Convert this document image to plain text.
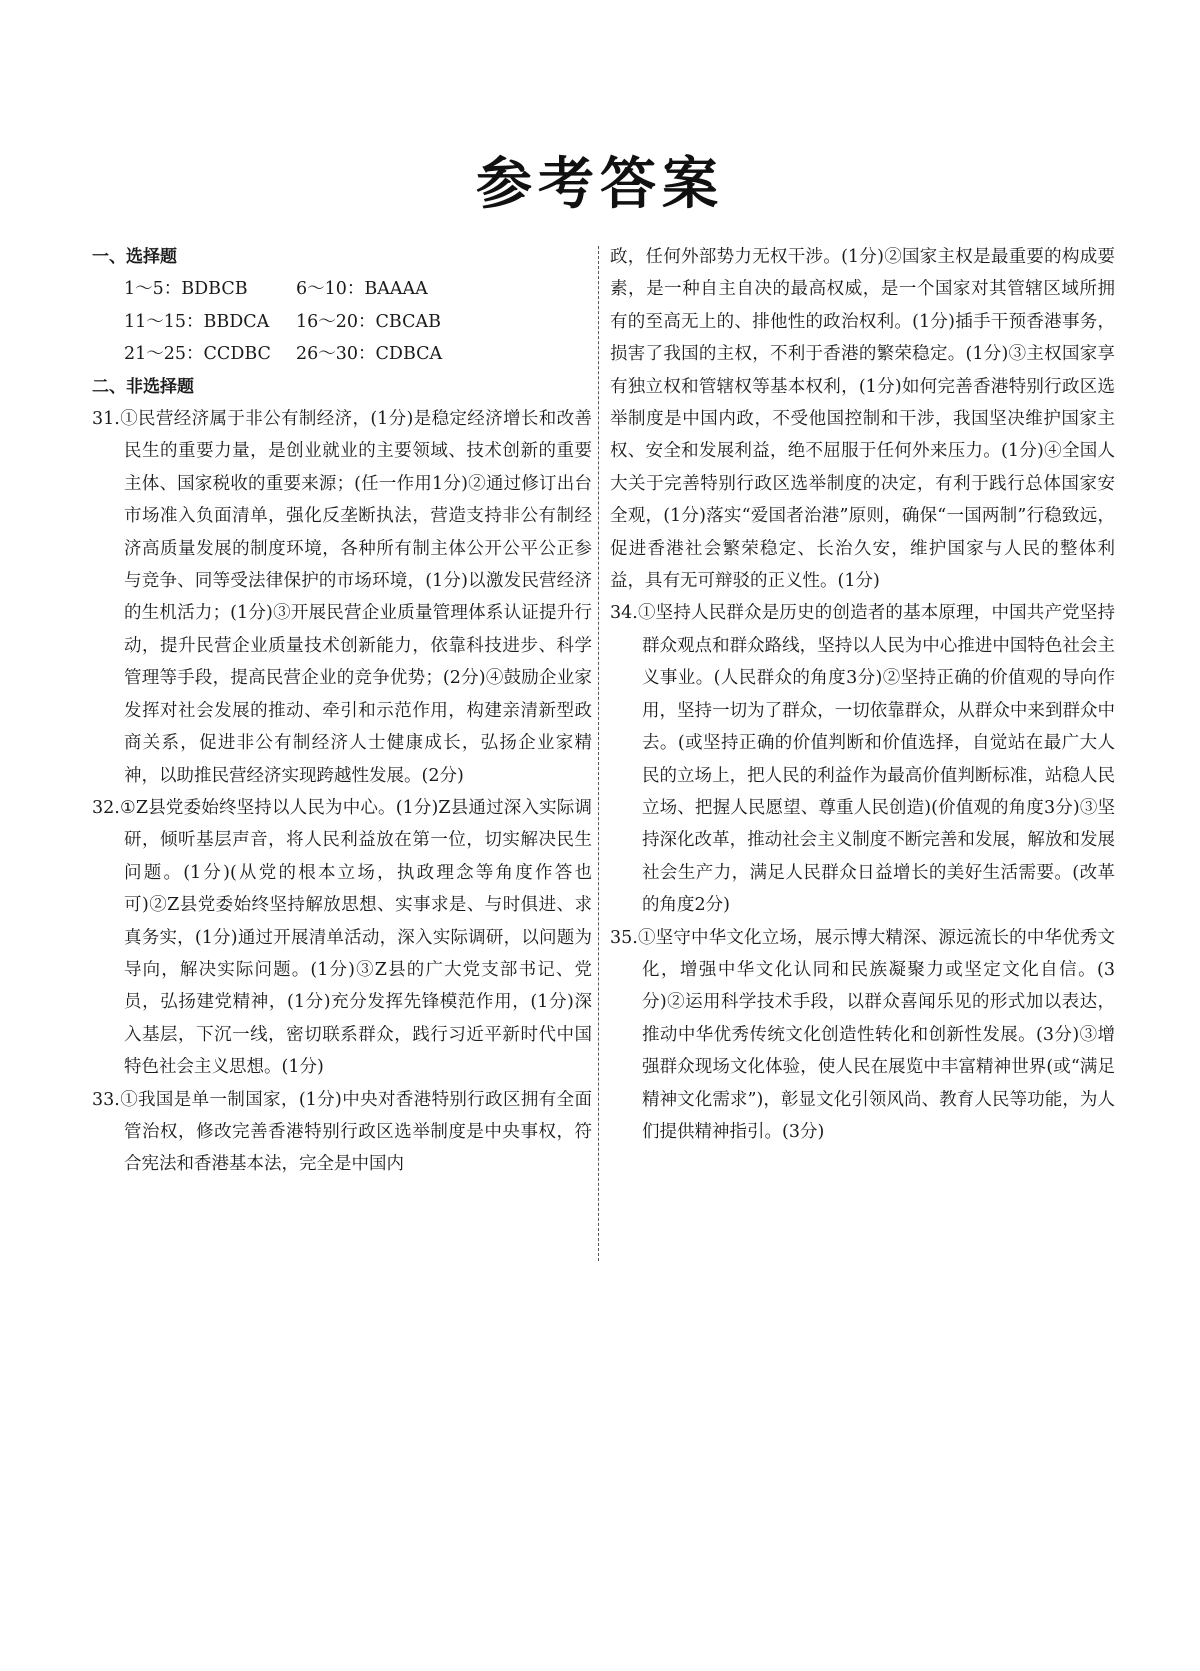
参考答案
一、选择题
1～5：BDBCB	6～10：BAAAA
11～15：BBDCA	16～20：CBCAB
21～25：CCDBC	26～30：CDBCA
二、非选择题

31.①民营经济属于非公有制经济，(1分)是稳定经济增长和改善民生的重要力量，是创业就业的主要领域、技术创新的重要主体、国家税收的重要来源；(任一作用1分)②通过修订出台市场准入负面清单，强化反垄断执法，营造支持非公有制经济高质量发展的制度环境，各种所有制主体公开公平公正参与竞争、同等受法律保护的市场环境，(1分)以激发民营经济的生机活力；(1分)③开展民营企业质量管理体系认证提升行动，提升民营企业质量技术创新能力，依靠科技进步、科学管理等手段，提高民营企业的竞争优势；(2分)④鼓励企业家发挥对社会发展的推动、牵引和示范作用，构建亲清新型政商关系，促进非公有制经济人士健康成长，弘扬企业家精神，以助推民营经济实现跨越性发展。(2分)

32.①Z县党委始终坚持以人民为中心。(1分)Z县通过深入实际调研，倾听基层声音，将人民利益放在第一位，切实解决民生问题。(1分)(从党的根本立场，执政理念等角度作答也可)②Z县党委始终坚持解放思想、实事求是、与时俱进、求真务实，(1分)通过开展清单活动，深入实际调研，以问题为导向，解决实际问题。(1分)③Z县的广大党支部书记、党员，弘扬建党精神，(1分)充分发挥先锋模范作用，(1分)深入基层，下沉一线，密切联系群众，践行习近平新时代中国特色社会主义思想。(1分)

33.①我国是单一制国家，(1分)中央对香港特别行政区拥有全面管治权，修改完善香港特别行政区选举制度是中央事权，符合宪法和香港基本法，完全是中国内

政，任何外部势力无权干涉。(1分)②国家主权是最重要的构成要素，是一种自主自决的最高权威，是一个国家对其管辖区域所拥有的至高无上的、排他性的政治权利。(1分)插手干预香港事务，损害了我国的主权，不利于香港的繁荣稳定。(1分)③主权国家享有独立权和管辖权等基本权利，(1分)如何完善香港特别行政区选举制度是中国内政，不受他国控制和干涉，我国坚决维护国家主权、安全和发展利益，绝不屈服于任何外来压力。(1分)④全国人大关于完善特别行政区选举制度的决定，有利于践行总体国家安全观，(1分)落实“爱国者治港”原则，确保“一国两制”行稳致远，促进香港社会繁荣稳定、长治久安，维护国家与人民的整体利益，具有无可辩驳的正义性。(1分)

34.①坚持人民群众是历史的创造者的基本原理，中国共产党坚持群众观点和群众路线，坚持以人民为中心推进中国特色社会主义事业。(人民群众的角度3分)②坚持正确的价值观的导向作用，坚持一切为了群众，一切依靠群众，从群众中来到群众中去。(或坚持正确的价值判断和价值选择，自觉站在最广大人民的立场上，把人民的利益作为最高价值判断标准，站稳人民立场、把握人民愿望、尊重人民创造)(价值观的角度3分)③坚持深化改革，推动社会主义制度不断完善和发展，解放和发展社会生产力，满足人民群众日益增长的美好生活需要。(改革的角度2分)

35.①坚守中华文化立场，展示博大精深、源远流长的中华优秀文化，增强中华文化认同和民族凝聚力或坚定文化自信。(3分)②运用科学技术手段，以群众喜闻乐见的形式加以表达，推动中华优秀传统文化创造性转化和创新性发展。(3分)③增强群众现场文化体验，使人民在展览中丰富精神世界(或“满足精神文化需求”)，彰显文化引领风尚、教育人民等功能，为人们提供精神指引。(3分)
